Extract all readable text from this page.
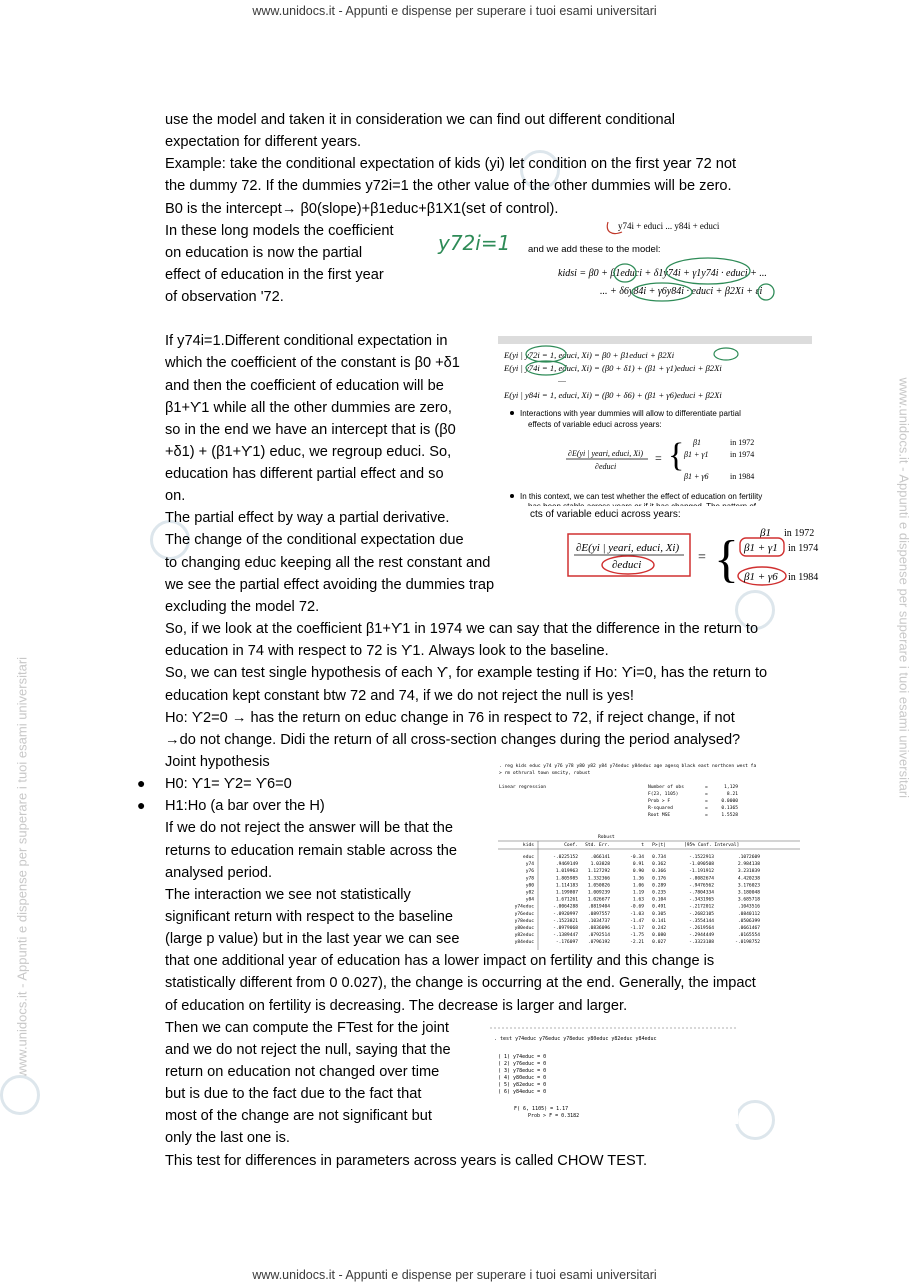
www.unidocs.it - Appunti e dispense per superare i tuoi esami universitari
www.unidocs.it - Appunti e dispense per superare i tuoi esami universitari
www.unidocs.it - Appunti e dispense per superare i tuoi esami universitari
www.unidocs.it - Appunti e dispense per superare i tuoi esami universitari
use the model and taken it in consideration we can find out different conditional
expectation for different years.
Example: take the conditional expectation of kids (yi) let condition on the first year 72 not
the dummy 72. If the dummies y72i=1 the other value of the other dummies will be zero.
B0 is the intercept→ β0(slope)+β1educ+β1X1(set of control).
In these long models the coefficient
on education is now the partial
effect of education in the first year
of observation '72.
y74i + educi ... y84i + educi
y72i=1 and we add these to the model:
kidsi = β0 + β1educi + δ1y74i + γ1y74i · educi + ...
... + δ6y84i + γ6y84i · educi + β2Xi + εi
If y74i=1.Different conditional expectation in
which the coefficient of the constant is β0 +δ1
and then the coefficient of education will be
β1+ϒ1 while all the other dummies are zero,
so in the end we have an intercept that is (β0
+δ1) + (β1+ϒ1) educ, we regroup educi. So,
education has different partial effect and so
on.
The partial effect by way a partial derivative.
The change of the conditional expectation due
to changing educ keeping all the rest constant and
we see the partial effect avoiding the dummies trap
excluding the model 72.
E(yi | y72i = 1, educi, Xi) = β0 + β1educi + β2Xi
E(yi | y74i = 1, educi, Xi) = (β0 + δ1) + (β1 + γ1)educi + β2Xi
....
E(yi | y84i = 1, educi, Xi) = (β0 + δ6) + (β1 + γ6)educi + β2Xi
Interactions with year dummies will allow to differentiate partial
effects of variable educi across years:
∂E(yi | yeari, educi, Xi)
∂educi
= { β1	in 1972
β1 + γ1	in 1974
β1 + γ6	in 1984
In this context, we can test whether the effect of education on fertility
cts of variable educi across years:
∂E(yi | yeari, educi, Xi)
∂educi	= { β1 in 1972
β1 + γ1 in 1974
β1 + γ6 in 1984
So, if we look at the coefficient β1+ϒ1 in 1974 we can say that the difference in the return to
education in 74 with respect to 72 is ϒ1. Always look to the baseline.
So, we can test single hypothesis of each ϒ, for example testing if Ho: ϒi=0, has the return to
education kept constant btw 72 and 74, if we do not reject the null is yes!
Ho: ϒ2=0 → has the return on educ change in 76 in respect to 72, if reject change, if not
→do not change. Didi the return of all cross-section changes during the period analysed?
Joint hypothesis
● H0: ϒ1= ϒ2= ϒ6=0
● H1:Ho (a bar over the H)
If we do not reject the answer will be that the
returns to education remain stable across the
analysed period.
The interaction we see not statistically
significant return with respect to the baseline
(large p value) but in the last year we can see
that one additional year of education has a lower impact on fertility and this change is
statistically different from 0 0.027), the change is occurring at the end. Generally, the impact
of education on fertility is decreasing. The decrease is larger and larger.
Then we can compute the FTest for the joint
and we do not reject the null, saying that the
return on education not changed over time
but is due to the fact due to the fact that
most of the change are not significant but
only the last one is.
This test for differences in parameters across years is called CHOW TEST.
. reg kids educ y74 y76 y78 y80 y82 y84 y74educ y84educ age agesq black east northcen west fa
> rm othrural town smcity, robust
Linear regression	Number of obs	=	1,129
F(23, 1105)	=	8.21
Prob > F	=	0.0000
R-squared	=	0.1365
Root MSE	=	1.5528
Robust
kids	Coef. Std. Err.	t P>|t|	[95% Conf. Interval]
educ	-.0225152	.066141	-0.34 0.734	-.1522913	.1072609
y74	.9469149	1.03828	0.91 0.362	-1.090508	2.984138
y76	1.019963 1.127292	0.90 0.366	-1.191912	3.231839
y78	1.805985 1.332366	1.36 0.176	-.8082674	4.420238
y80	1.114183 1.050826	1.06 0.289	-.9476562	3.176023
y82	1.199807 1.009239	1.19 0.235	-.7804334	3.180048
y84	1.671261 1.026677	1.63 0.104	-.3431965	3.685718
y74educ	-.0064288 .0819404	-0.69 0.491	-.2172012	.1043516
y76educ	-.0920997 .0897557	-1.03 0.305	-.2682105	.0840112
y78educ	-.1523821 .1034737	-1.47 0.141	-.3554144	.0506399
y80educ	-.0979068 .0836096	-1.17 0.242	-.2619564	.0661467
y82educ	-.1389447 .0792514	-1.75 0.080	-.2944449	.0165554
y84educ	-.176097 .0796192	-2.21 0.027	-.3323188	-.0198752
. test y74educ y76educ y78educ y80educ y82educ y84educ
( 1) y74educ = 0
( 2) y76educ = 0
( 3) y78educ = 0
( 4) y80educ = 0
( 5) y82educ = 0
( 6) y84educ = 0
F( 6, 1105) = 1.17
Prob > F = 0.3182
